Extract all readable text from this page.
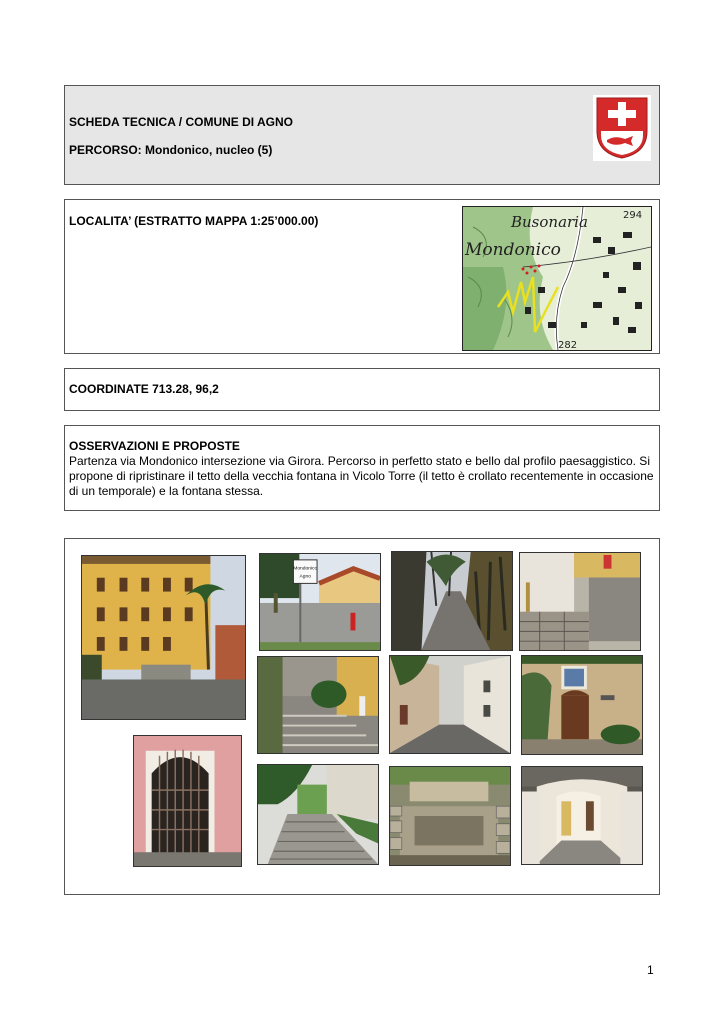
SCHEDA TECNICA / COMUNE DI AGNO
PERCORSO: Mondonico, nucleo (5)
LOCALITA’ (ESTRATTO MAPPA 1:25’000.00)	Busonaria
Mondonico
294
282
COORDINATE 713.28, 96,2
OSSERVAZIONI E PROPOSTE
Partenza via Mondonico intersezione via Girora. Percorso in perfetto stato e bello dal profilo paesaggistico. Si propone di ripristinare il tetto della vecchia fontana in Vicolo Torre (il tetto è crollato recentemente in occasione di un temporale) e la fontana stessa.
Mondonico
Agno
1
